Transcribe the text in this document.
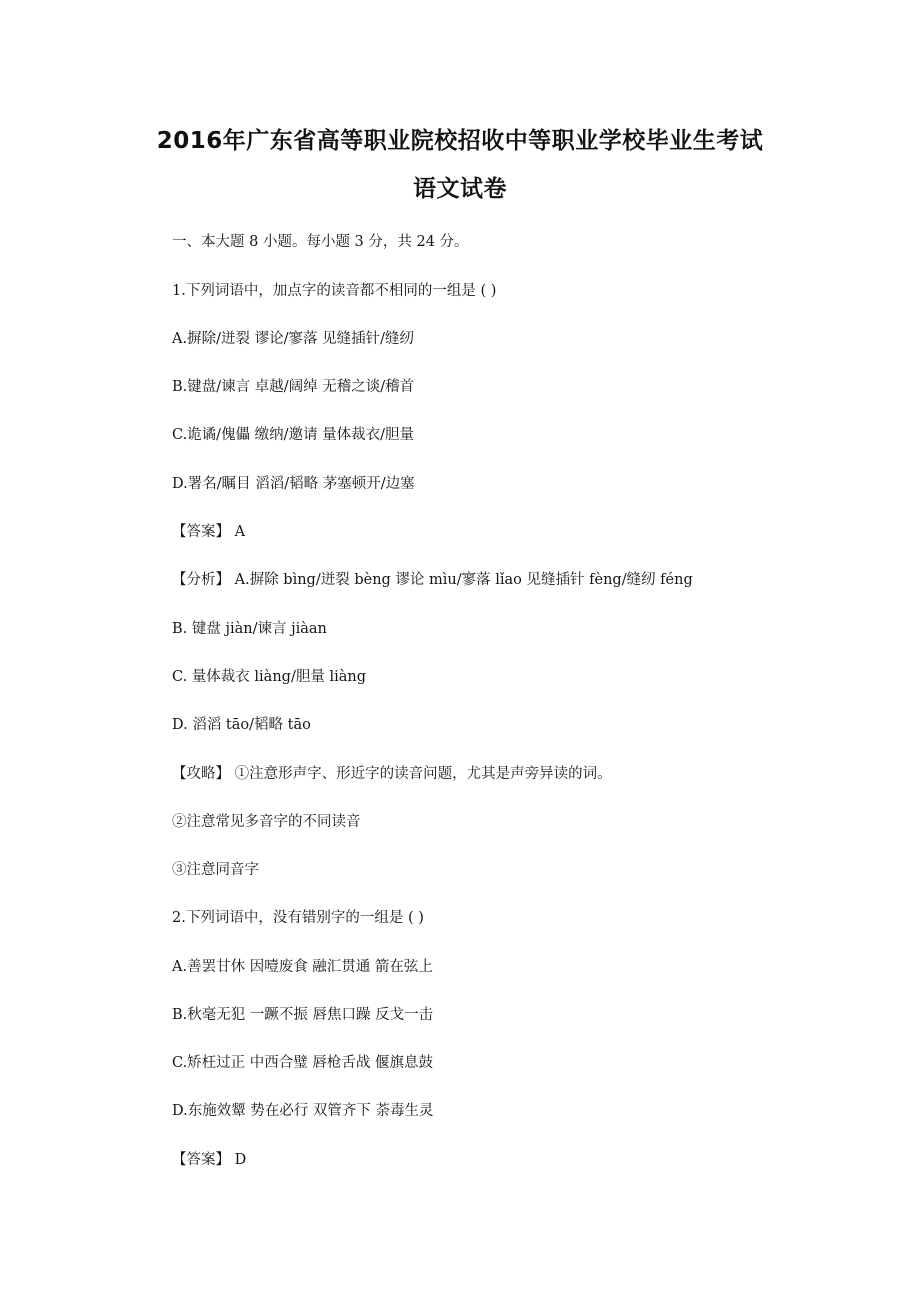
2016年广东省高等职业院校招收中等职业学校毕业生考试
语文试卷
一、本大题 8 小题。每小题 3 分，共 24 分。
1.下列词语中，加点字的读音都不相同的一组是 ( )
A.摒除/迸裂 谬论/寥落 见缝插针/缝纫
B.键盘/谏言 卓越/阔绰 无稽之谈/稽首
C.诡谲/傀儡 缴纳/邀请 量体裁衣/胆量
D.署名/瞩目 滔滔/韬略 茅塞顿开/边塞
【答案】 A
【分析】 A.摒除 bìng/迸裂 bèng 谬论 mìu/寥落 lǐao 见缝插针 fèng/缝纫 féng
B. 键盘 jiàn/谏言 jiàan
C. 量体裁衣 liàng/胆量 liàng
D. 滔滔 tāo/韬略 tāo
【攻略】 ①注意形声字、形近字的读音问题，尤其是声旁异读的词。
②注意常见多音字的不同读音
③注意同音字
2.下列词语中，没有错别字的一组是 ( )
A.善罢甘休 因噎废食 融汇贯通 箭在弦上
B.秋毫无犯 一蹶不振 唇焦口躁 反戈一击
C.矫枉过正 中西合璧 唇枪舌战 偃旗息鼓
D.东施效颦 势在必行 双管齐下 荼毒生灵
【答案】 D
